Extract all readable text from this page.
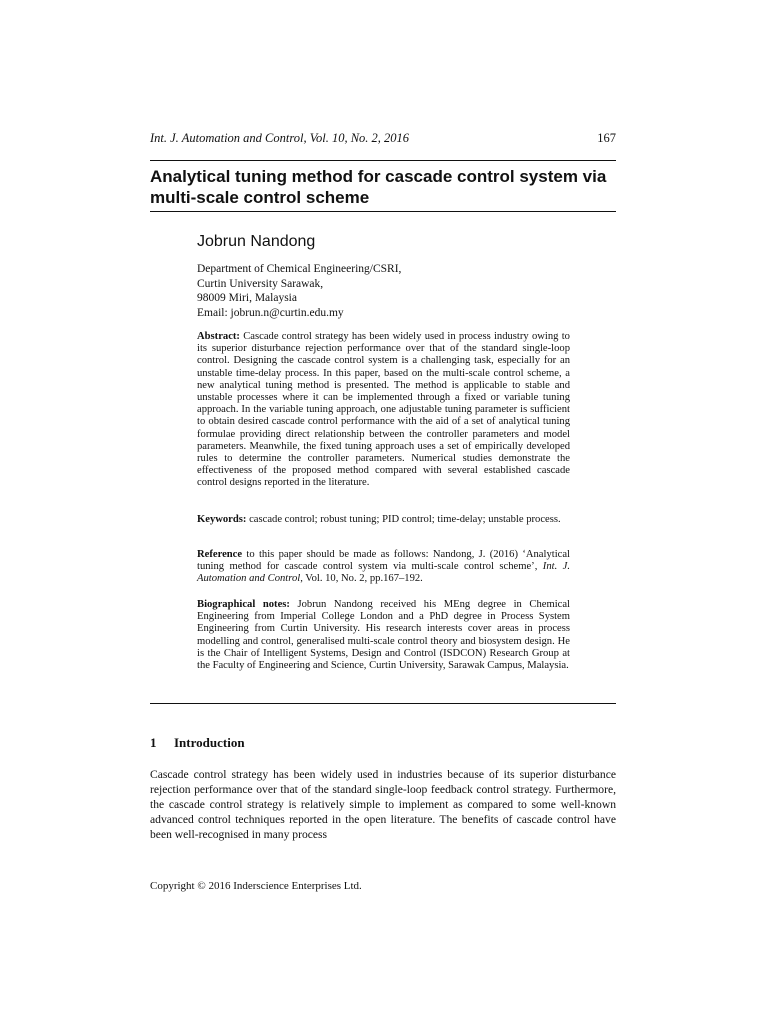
Int. J. Automation and Control, Vol. 10, No. 2, 2016	167
Analytical tuning method for cascade control system via multi-scale control scheme
Jobrun Nandong
Department of Chemical Engineering/CSRI,
Curtin University Sarawak,
98009 Miri, Malaysia
Email: jobrun.n@curtin.edu.my
Abstract: Cascade control strategy has been widely used in process industry owing to its superior disturbance rejection performance over that of the standard single-loop control. Designing the cascade control system is a challenging task, especially for an unstable time-delay process. In this paper, based on the multi-scale control scheme, a new analytical tuning method is presented. The method is applicable to stable and unstable processes where it can be implemented through a fixed or variable tuning approach. In the variable tuning approach, one adjustable tuning parameter is sufficient to obtain desired cascade control performance with the aid of a set of analytical tuning formulae providing direct relationship between the controller parameters and model parameters. Meanwhile, the fixed tuning approach uses a set of empirically developed rules to determine the controller parameters. Numerical studies demonstrate the effectiveness of the proposed method compared with several established cascade control designs reported in the literature.
Keywords: cascade control; robust tuning; PID control; time-delay; unstable process.
Reference to this paper should be made as follows: Nandong, J. (2016) ‘Analytical tuning method for cascade control system via multi-scale control scheme’, Int. J. Automation and Control, Vol. 10, No. 2, pp.167–192.
Biographical notes: Jobrun Nandong received his MEng degree in Chemical Engineering from Imperial College London and a PhD degree in Process System Engineering from Curtin University. His research interests cover areas in process modelling and control, generalised multi-scale control theory and biosystem design. He is the Chair of Intelligent Systems, Design and Control (ISDCON) Research Group at the Faculty of Engineering and Science, Curtin University, Sarawak Campus, Malaysia.
1 Introduction
Cascade control strategy has been widely used in industries because of its superior disturbance rejection performance over that of the standard single-loop feedback control strategy. Furthermore, the cascade control strategy is relatively simple to implement as compared to some well-known advanced control techniques reported in the open literature. The benefits of cascade control have been well-recognised in many process
Copyright © 2016 Inderscience Enterprises Ltd.
